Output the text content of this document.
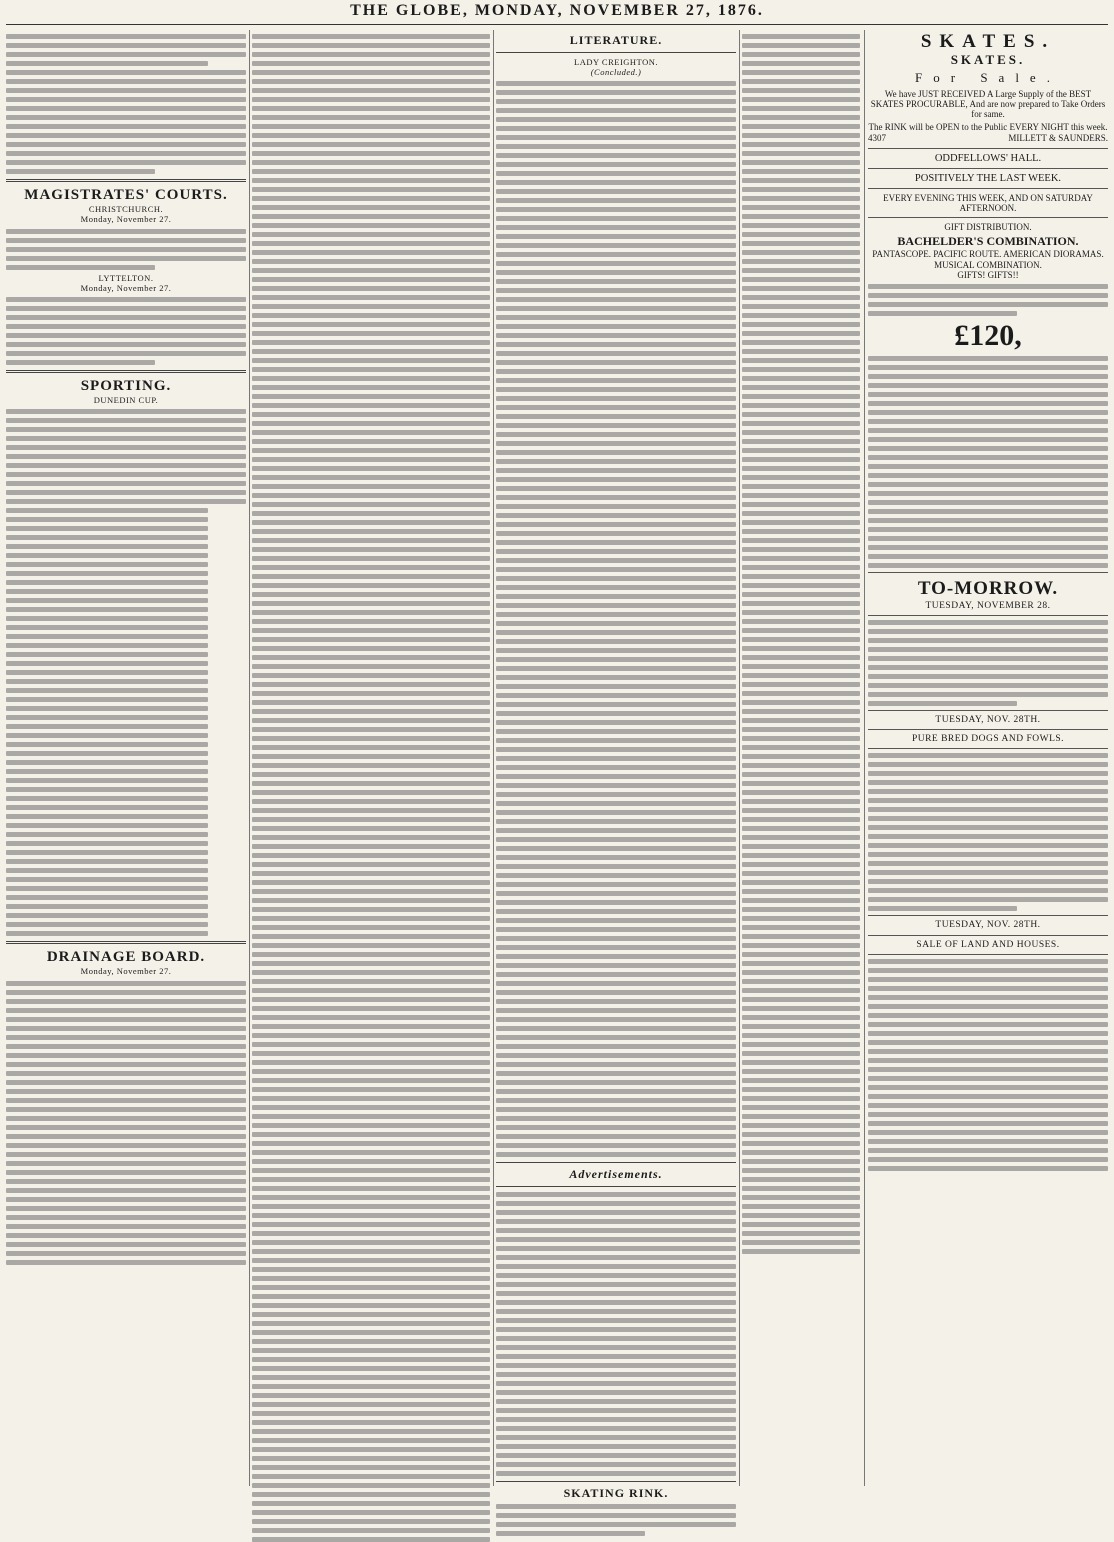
THE GLOBE, MONDAY, NOVEMBER 27, 1876.
MAGISTRATES' COURTS.
CHRISTCHURCH.
Monday, November 27.
LYTTELTON.
Monday, November 27.
SPORTING.
DUNEDIN CUP.
DRAINAGE BOARD.
Monday, November 27.
LITERATURE.
LADY CREIGHTON.
(Concluded.)
Advertisements.
SKATING RINK.
SKATES.
SKATES.
For Sale.
We have JUST RECEIVED A Large Supply of the BEST SKATES PROCURABLE, And are now prepared to Take Orders for same.
The RINK will be OPEN to the Public EVERY NIGHT this week.
4307	MILLETT & SAUNDERS.
ODDFELLOWS' HALL.
POSITIVELY THE LAST WEEK.
EVERY EVENING THIS WEEK, AND ON SATURDAY AFTERNOON.
GIFT DISTRIBUTION.
BACHELDER'S COMBINATION.
PANTASCOPE. PACIFIC ROUTE. AMERICAN DIORAMAS. MUSICAL COMBINATION.
GIFTS! GIFTS!!
£120,
TO-MORROW.
TUESDAY, NOVEMBER 28.
TUESDAY, NOV. 28TH.
PURE BRED DOGS AND FOWLS.
TUESDAY, NOV. 28TH.
SALE OF LAND AND HOUSES.
